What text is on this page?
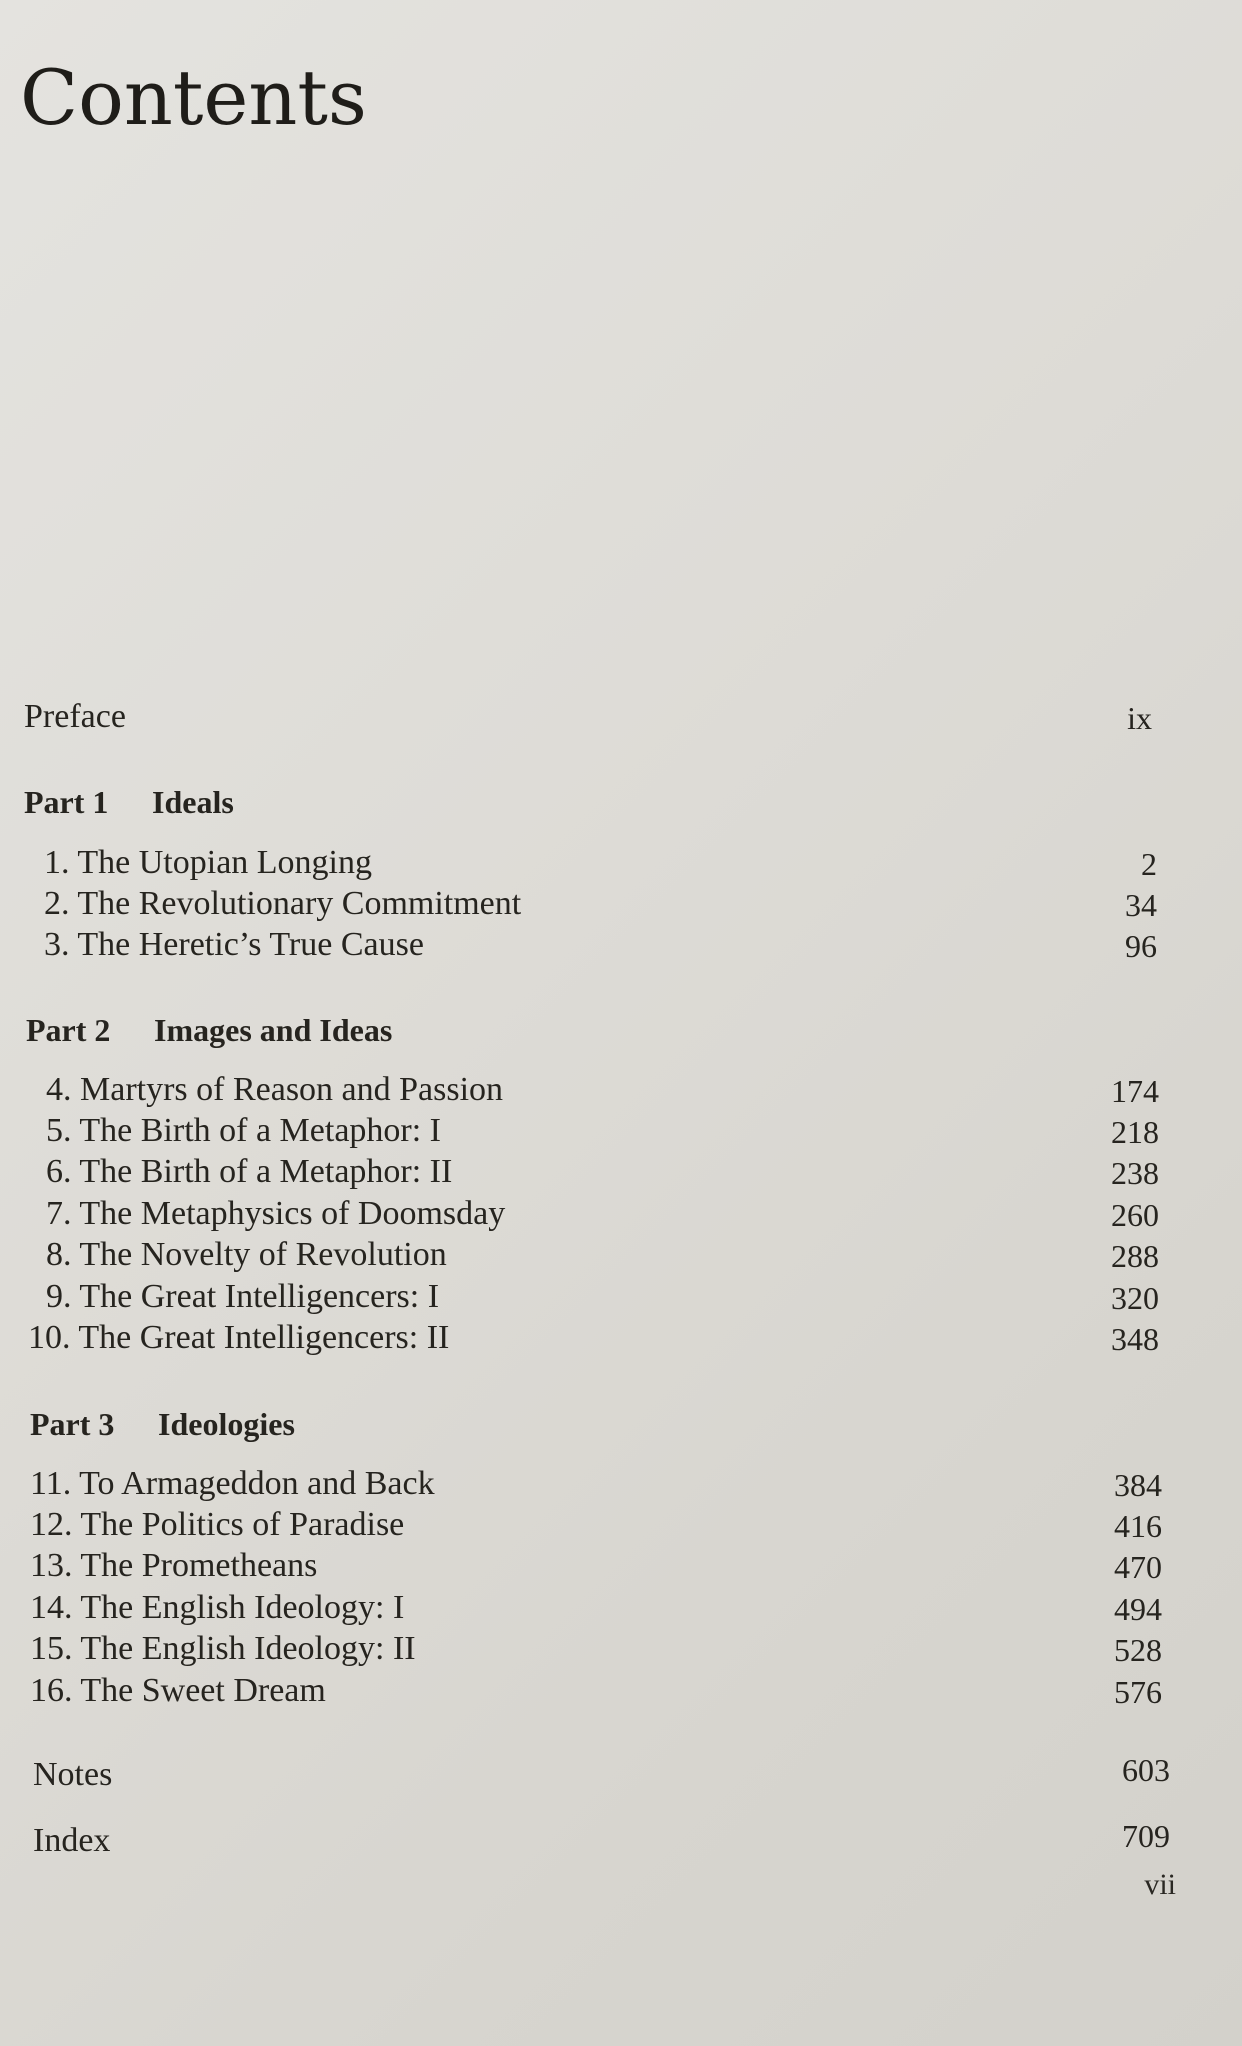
Contents
Preface	ix
Part 1 Ideals
1. The Utopian Longing	2
2. The Revolutionary Commitment	34
3. The Heretic’s True Cause	96
Part 2 Images and Ideas
4. Martyrs of Reason and Passion	174
5. The Birth of a Metaphor: I	218
6. The Birth of a Metaphor: II	238
7. The Metaphysics of Doomsday	260
8. The Novelty of Revolution	288
9. The Great Intelligencers: I	320
10. The Great Intelligencers: II	348
Part 3 Ideologies
11. To Armageddon and Back	384
12. The Politics of Paradise	416
13. The Prometheans	470
14. The English Ideology: I	494
15. The English Ideology: II	528
16. The Sweet Dream	576
Notes	603
Index	709
vii
